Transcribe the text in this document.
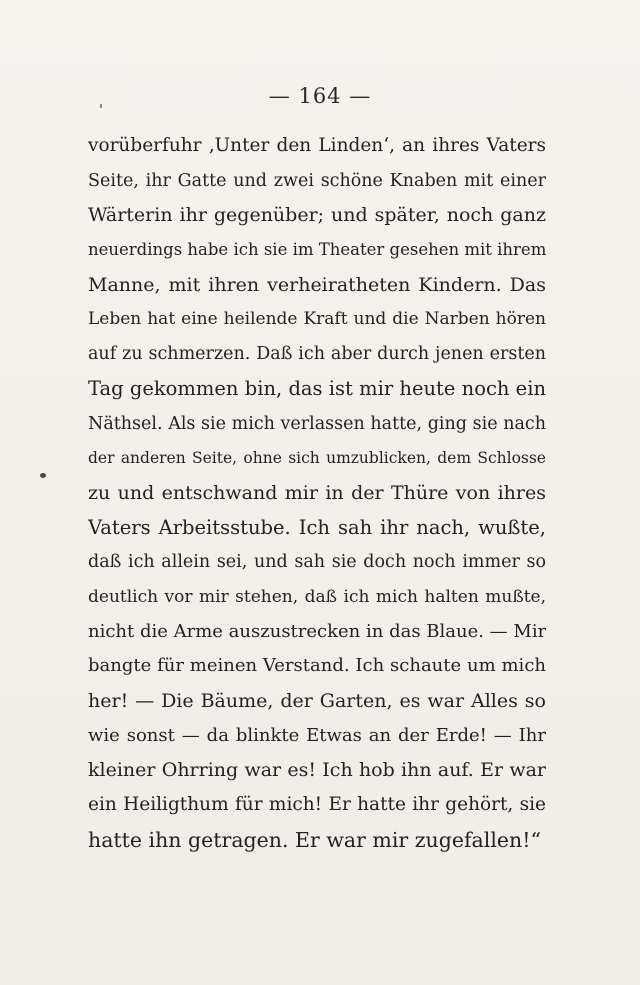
— 164 —
vorüberfuhr ‚Unter den Linden‘, an ihres Vaters
Seite, ihr Gatte und zwei schöne Knaben mit einer
Wärterin ihr gegenüber; und später, noch ganz
neuerdings habe ich sie im Theater gesehen mit ihrem
Manne, mit ihren verheiratheten Kindern. Das
Leben hat eine heilende Kraft und die Narben hören
auf zu schmerzen. Daß ich aber durch jenen ersten
Tag gekommen bin, das ist mir heute noch ein
Näthsel. Als sie mich verlassen hatte, ging sie nach
der anderen Seite, ohne sich umzublicken, dem Schlosse
zu und entschwand mir in der Thüre von ihres
Vaters Arbeitsstube. Ich sah ihr nach, wußte,
daß ich allein sei, und sah sie doch noch immer so
deutlich vor mir stehen, daß ich mich halten mußte,
nicht die Arme auszustrecken in das Blaue. — Mir
bangte für meinen Verstand. Ich schaute um mich
her! — Die Bäume, der Garten, es war Alles so
wie sonst — da blinkte Etwas an der Erde! — Ihr
kleiner Ohrring war es! Ich hob ihn auf. Er war
ein Heiligthum für mich! Er hatte ihr gehört, sie
hatte ihn getragen. Er war mir zugefallen!“
